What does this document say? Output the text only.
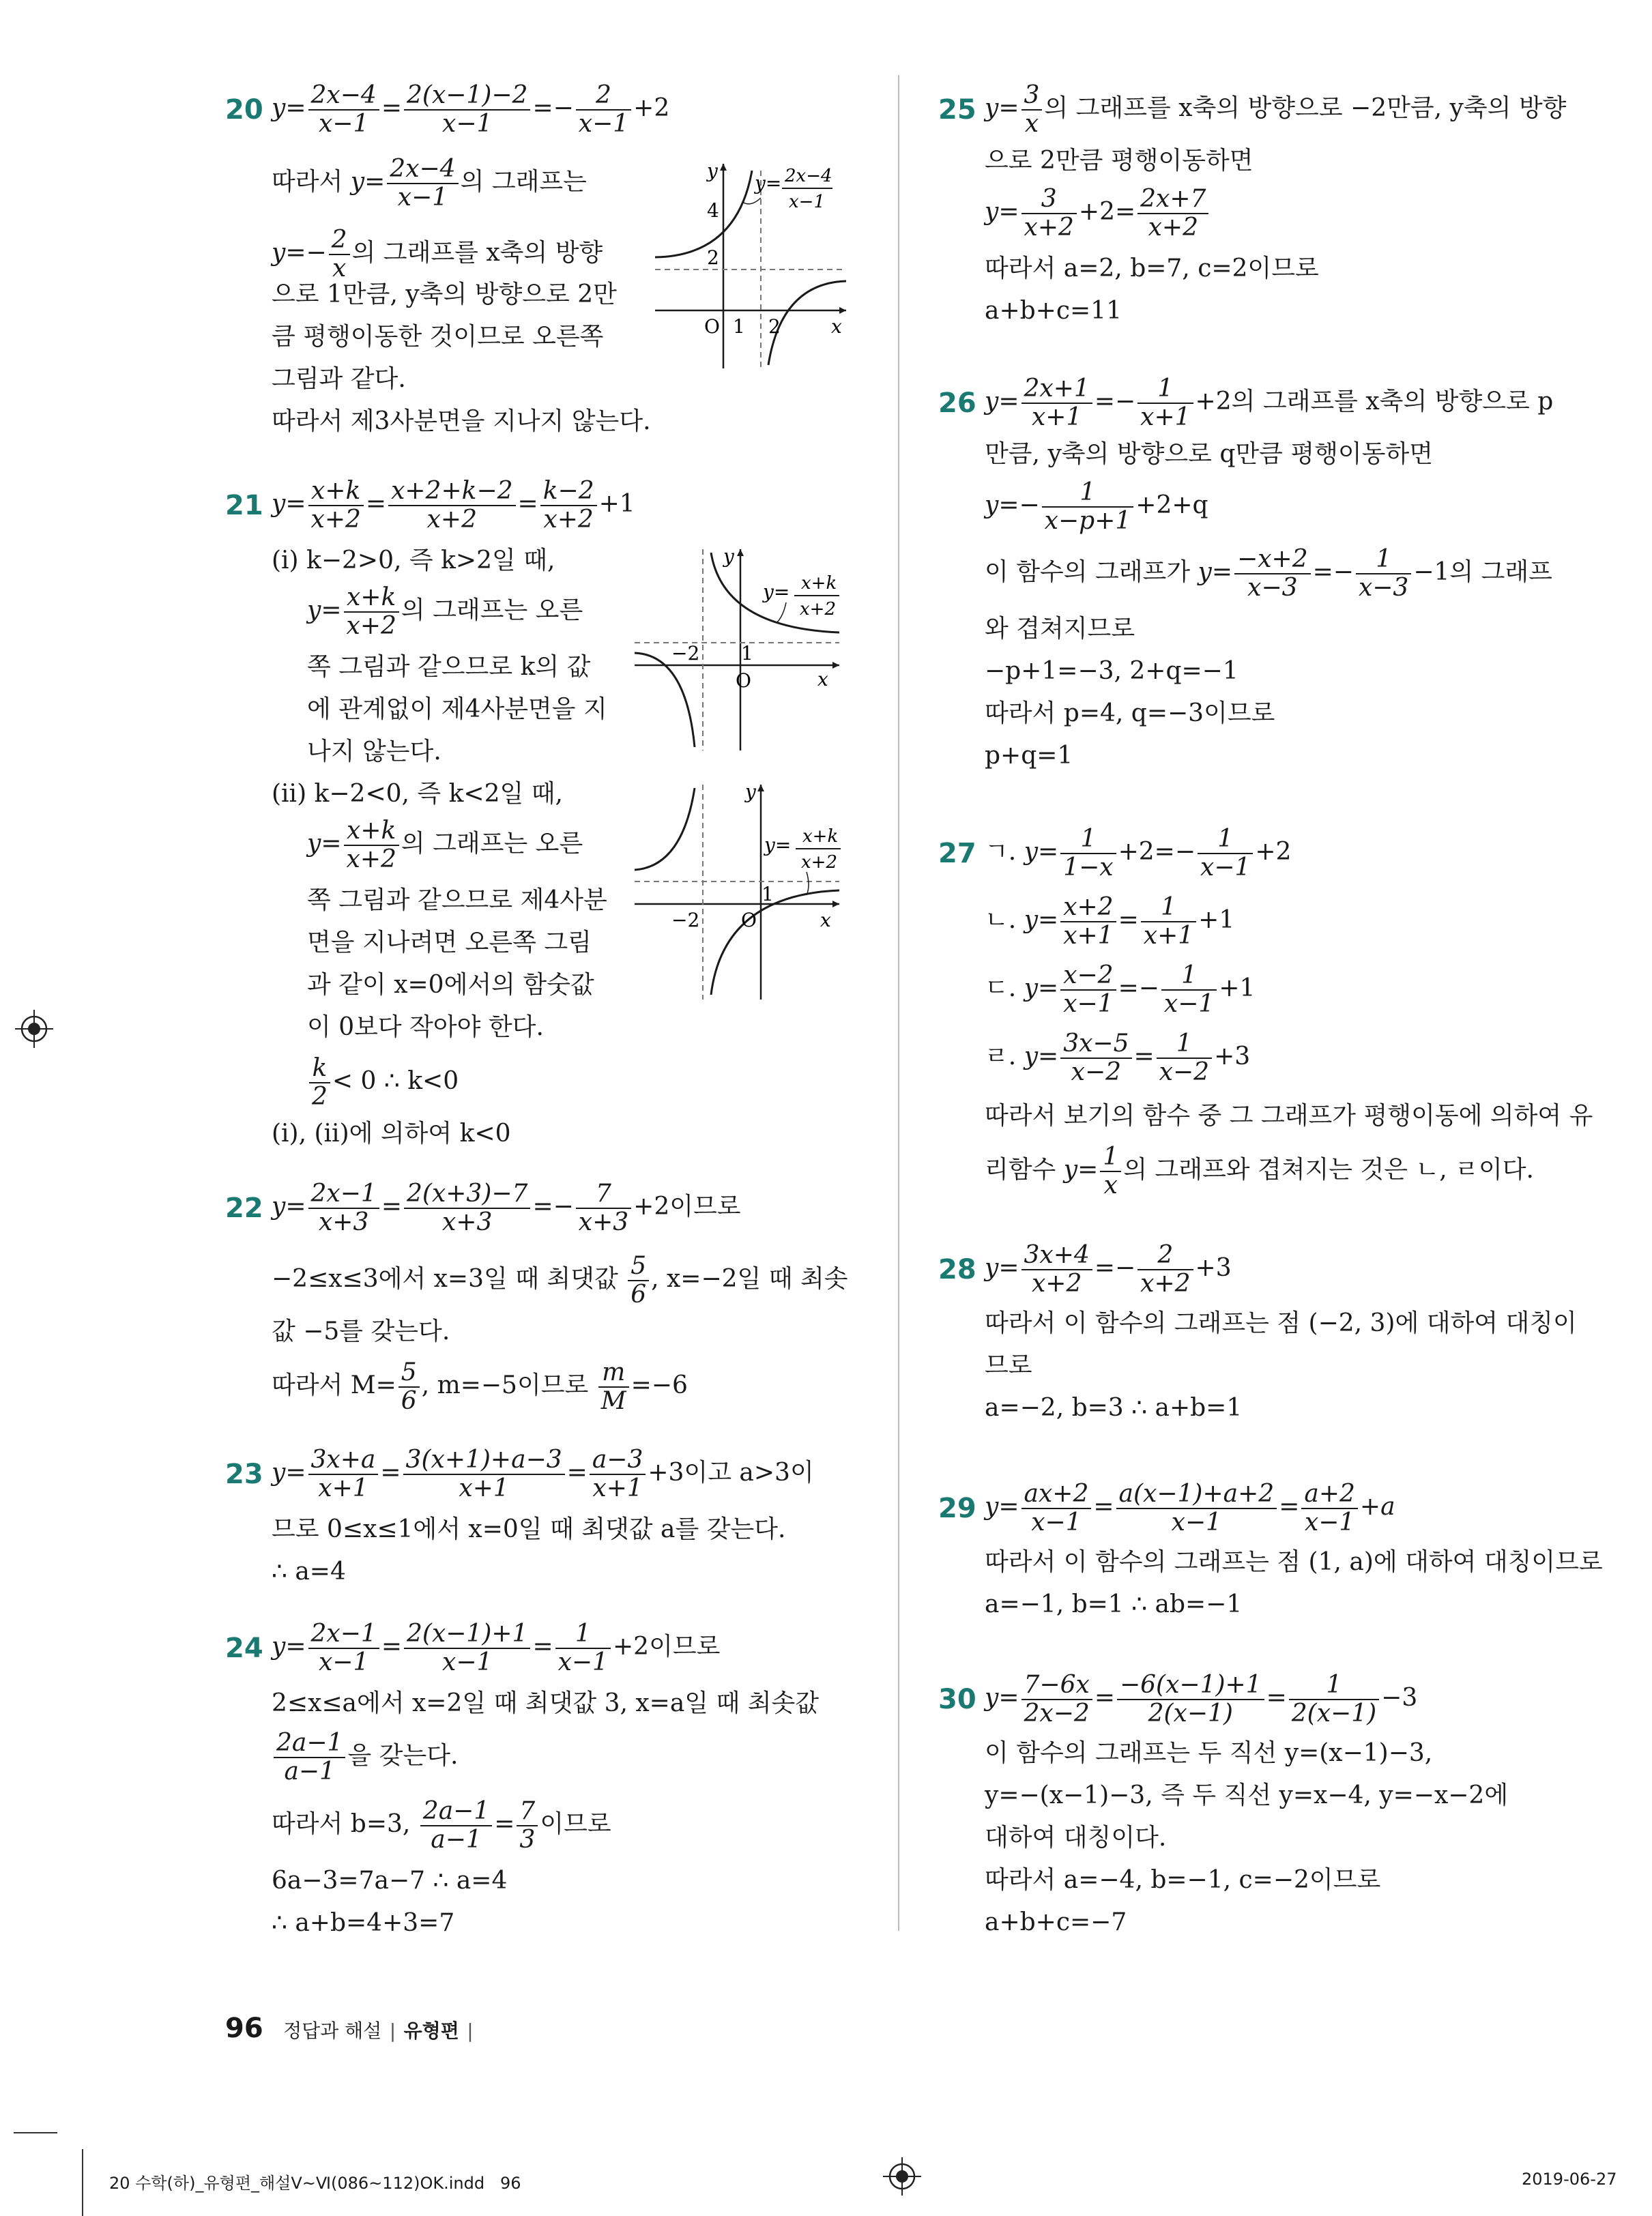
20 $y= \frac{2x-4}{x-1} = \frac{2(x-1)-2}{x-1} =- \frac{2}{x-1} +2$
따라서 $y= \frac{2x-4}{x-1}$ 의 그래프는
$y=- \frac{2}{x}$ 의 그래프를 x축의 방향
으로 1만큼, y축의 방향으로 2만
큼 평행이동한 것이므로 오른쪽
그림과 같다.
따라서 제3사분면을 지나지 않는다.
y
x
O
4
2
1 2
y= 2x−4
x−1
21 $y= \frac{x+k}{x+2} = \frac{x+2+k-2}{x+2} = \frac{k-2}{x+2} +1$
(ⅰ) k−2>0, 즉 k>2일 때,
$y= \frac{x+k}{x+2}$ 의 그래프는 오른
쪽 그림과 같으므로 k의 값
에 관계없이 제4사분면을 지
나지 않는다.
(ⅱ) k−2<0, 즉 k<2일 때,
$y= \frac{x+k}{x+2}$ 의 그래프는 오른
쪽 그림과 같으므로 제4사분
면을 지나려면 오른쪽 그림
과 같이 x=0에서의 함숫값
이 0보다 작아야 한다.
$\frac{k}{2} < 0$ ∴ k<0
(ⅰ), (ⅱ)에 의하여 k<0
y
x
O
−2 1
y= x+k
x+2
y
x
O
−2
1
y= x+k
x+2
22 $y= \frac{2x-1}{x+3} = \frac{2(x+3)-7}{x+3} =- \frac{7}{x+3} +2$이므로
−2≤x≤3에서 x=3일 때 최댓값 $\frac{5}{6}$ , x=−2일 때 최솟
값 −5를 갖는다.
따라서 $M= \frac{5}{6}$ , m=−5이므로 $\frac{m}{M} =-6$
23 $y= \frac{3x+a}{x+1} = \frac{3(x+1)+a-3}{x+1} = \frac{a-3}{x+1} +3$이고 a>3이
므로 0≤x≤1에서 x=0일 때 최댓값 a를 갖는다.
∴ a=4
24 $y= \frac{2x-1}{x-1} = \frac{2(x-1)+1}{x-1} = \frac{1}{x-1} +2$이므로
2≤x≤a에서 x=2일 때 최댓값 3, x=a일 때 최솟값
$\frac{2a-1}{a-1}$ 을 갖는다.
따라서 b=3, $\frac{2a-1}{a-1} = \frac{7}{3}$ 이므로
6a−3=7a−7 ∴ a=4
∴ a+b=4+3=7
25 $y= \frac{3}{x}$ 의 그래프를 x축의 방향으로 −2만큼, y축의 방향
으로 2만큼 평행이동하면
$y= \frac{3}{x+2} +2= \frac{2x+7}{x+2}$
따라서 a=2, b=7, c=2이므로
a+b+c=11
26 $y= \frac{2x+1}{x+1} =- \frac{1}{x+1} +2$의 그래프를 x축의 방향으로 p
만큼, y축의 방향으로 q만큼 평행이동하면
$y=- \frac{1}{x-p+1} +2+q$
이 함수의 그래프가 $y= \frac{-x+2}{x-3} =- \frac{1}{x-3} -1$의 그래프
와 겹쳐지므로
−p+1=−3, 2+q=−1
따라서 p=4, q=−3이므로
p+q=1
27 ㄱ. $y= \frac{1}{1-x} +2=- \frac{1}{x-1} +2$
ㄴ. $y= \frac{x+2}{x+1} = \frac{1}{x+1} +1$
ㄷ. $y= \frac{x-2}{x-1} =- \frac{1}{x-1} +1$
ㄹ. $y= \frac{3x-5}{x-2} = \frac{1}{x-2} +3$
따라서 보기의 함수 중 그 그래프가 평행이동에 의하여 유
리함수 $y= \frac{1}{x}$ 의 그래프와 겹쳐지는 것은 ㄴ, ㄹ이다.
28 $y= \frac{3x+4}{x+2} =- \frac{2}{x+2} +3$
따라서 이 함수의 그래프는 점 (−2, 3)에 대하여 대칭이
므로
a=−2, b=3 ∴ a+b=1
29 $y= \frac{ax+2}{x-1} = \frac{a(x-1)+a+2}{x-1} = \frac{a+2}{x-1} +a$
따라서 이 함수의 그래프는 점 (1, a)에 대하여 대칭이므로
a=−1, b=1 ∴ ab=−1
30 $y= \frac{7-6x}{2x-2} = \frac{-6(x-1)+1}{2(x-1)} = \frac{1}{2(x-1)} -3$
이 함수의 그래프는 두 직선 y=(x−1)−3,
y=−(x−1)−3, 즉 두 직선 y=x−4, y=−x−2에
대하여 대칭이다.
따라서 a=−4, b=−1, c=−2이므로
a+b+c=−7
96 정답과 해설 | 유형편 |
20 수학(하)_유형편_해설Ⅴ~Ⅵ(086~112)OK.indd   96	2019-06-27
